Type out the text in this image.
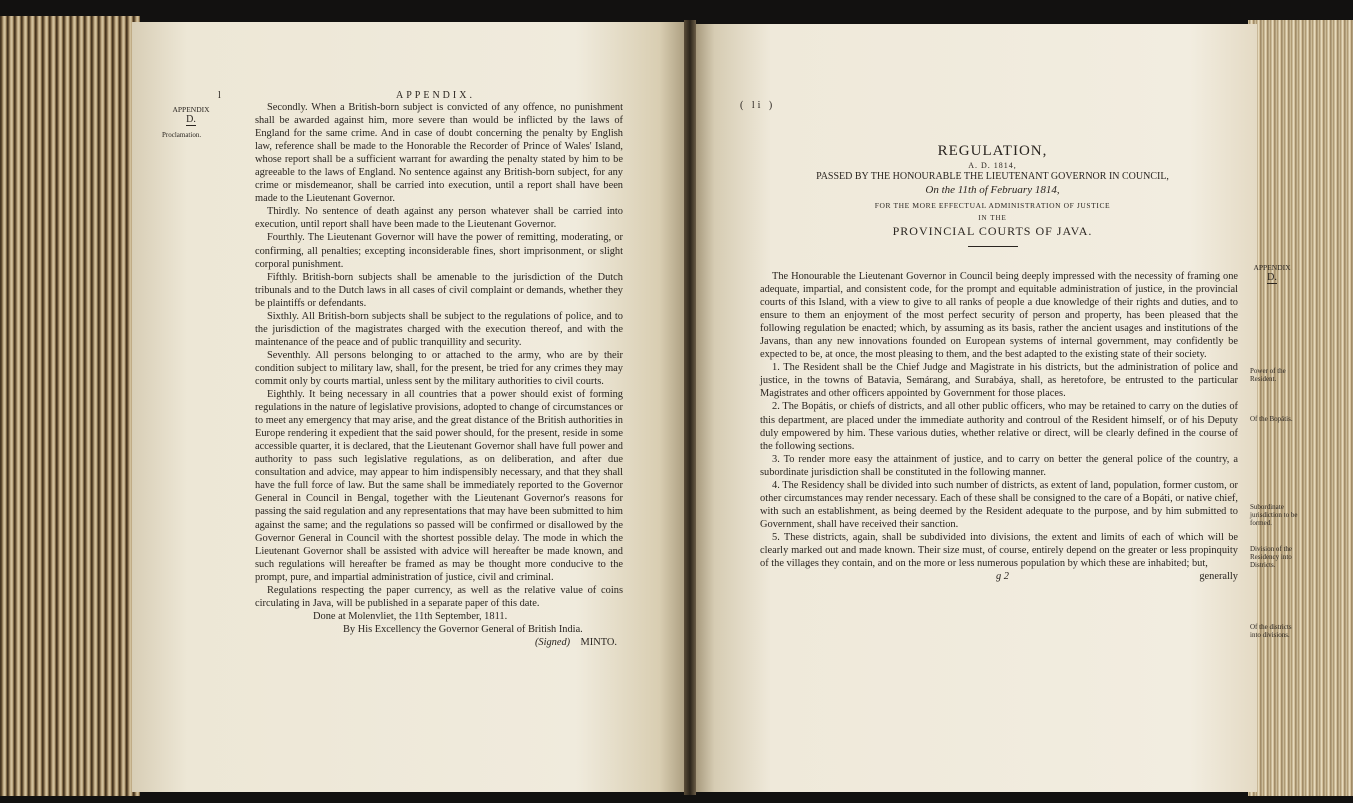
l	APPENDIX.
APPENDIX
D.
Proclamation.

Secondly. When a British-born subject is convicted of any offence, no punishment shall be awarded against him, more severe than would be inflicted by the laws of England for the same crime. And in case of doubt concerning the penalty by English law, reference shall be made to the Honorable the Recorder of Prince of Wales' Island, whose report shall be a sufficient warrant for awarding the penalty stated by him to be agreeable to the laws of England. No sentence against any British-born subject, for any crime or misdemeanor, shall be carried into execution, until a report shall have been made to the Lieutenant Governor.

Thirdly. No sentence of death against any person whatever shall be carried into execution, until report shall have been made to the Lieutenant Governor.

Fourthly. The Lieutenant Governor will have the power of remitting, moderating, or confirming, all penalties; excepting inconsiderable fines, short imprisonment, or slight corporal punishment.

Fifthly. British-born subjects shall be amenable to the jurisdiction of the Dutch tribunals and to the Dutch laws in all cases of civil complaint or demands, whether they be plaintiffs or defendants.

Sixthly. All British-born subjects shall be subject to the regulations of police, and to the jurisdiction of the magistrates charged with the execution thereof, and with the maintenance of the peace and of public tranquillity and security.

Seventhly. All persons belonging to or attached to the army, who are by their condition subject to military law, shall, for the present, be tried for any crimes they may commit only by courts martial, unless sent by the military authorities to civil courts.

Eighthly. It being necessary in all countries that a power should exist of forming regulations in the nature of legislative provisions, adopted to change of circumstances or to meet any emergency that may arise, and the great distance of the British authorities in Europe rendering it expedient that the said power should, for the present, reside in some accessible quarter, it is declared, that the Lieutenant Governor shall have full power and authority to pass such legislative regulations, as on deliberation, and after due consultation and advice, may appear to him indispensibly necessary, and that they shall have the full force of law. But the same shall be immediately reported to the Governor General in Council in Bengal, together with the Lieutenant Governor's reasons for passing the said regulation and any representations that may have been submitted to him against the same; and the regulations so passed will be confirmed or disallowed by the Governor General in Council with the shortest possible delay. The mode in which the Lieutenant Governor shall be assisted with advice will hereafter be made known, and such regulations will hereafter be framed as may be thought more conducive to the prompt, pure, and impartial administration of justice, civil and criminal.

Regulations respecting the paper currency, as well as the relative value of coins circulating in Java, will be published in a separate paper of this date.

Done at Molenvliet, the 11th September, 1811.

By His Excellency the Governor General of British India.

(Signed) MINTO.

( li )
REGULATION,
A. D. 1814,
PASSED BY THE HONOURABLE THE LIEUTENANT GOVERNOR IN COUNCIL,
On the 11th of February 1814,
FOR THE MORE EFFECTUAL ADMINISTRATION OF JUSTICE
IN THE
PROVINCIAL COURTS OF JAVA.

The Honourable the Lieutenant Governor in Council being deeply impressed with the necessity of framing one adequate, impartial, and consistent code, for the prompt and equitable administration of justice, in the provincial courts of this Island, with a view to give to all ranks of people a due knowledge of their rights and duties, and to ensure to them an enjoyment of the most perfect security of person and property, has been pleased that the following regulation be enacted; which, by assuming as its basis, rather the ancient usages and institutions of the Javans, than any new innovations founded on European systems of internal government, may confidently be expected to be, at once, the most pleasing to them, and the best adapted to the existing state of their society.

1. The Resident shall be the Chief Judge and Magistrate in his districts, but the administration of police and justice, in the towns of Batavia, Semárang, and Surabáya, shall, as heretofore, be entrusted to the particular Magistrates and other officers appointed by Government for those places.

2. The Bopátis, or chiefs of districts, and all other public officers, who may be retained to carry on the duties of this department, are placed under the immediate authority and controul of the Resident himself, or of his Deputy duly empowered by him. These various duties, whether relative or direct, will be clearly defined in the course of the following sections.

3. To render more easy the attainment of justice, and to carry on better the general police of the country, a subordinate jurisdiction shall be constituted in the following manner.

4. The Residency shall be divided into such number of districts, as extent of land, population, former custom, or other circumstances may render necessary. Each of these shall be consigned to the care of a Bopáti, or native chief, with such an establishment, as being deemed by the Resident adequate to the purpose, and by him submitted to Government, shall have received their sanction.

5. These districts, again, shall be subdivided into divisions, the extent and limits of each of which will be clearly marked out and made known. Their size must, of course, entirely depend on the greater or less propinquity of the villages they contain, and on the more or less numerous population by which these are inhabited; but,

g 2	generally
APPENDIX
D.
Power of the Resident.
Of the Bopátis.
Subordinate jurisdiction to be formed.
Division of the Residency into Districts.
Of the districts into divisions.
